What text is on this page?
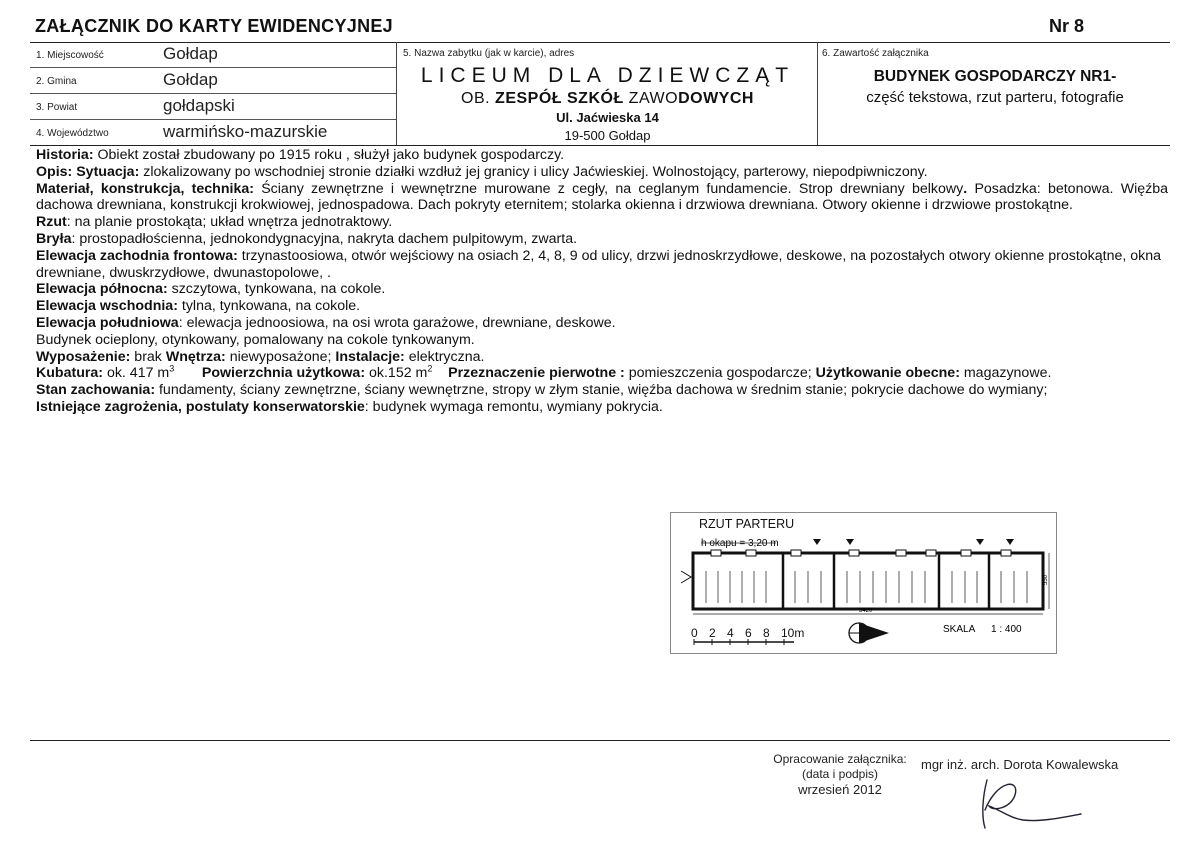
ZAŁĄCZNIK DO KARTY EWIDENCYJNEJ	Nr 8
1. Miejscowość	Gołdap
2. Gmina	Gołdap
3. Powiat	gołdapski
4. Województwo	warmińsko-mazurskie
5. Nazwa zabytku (jak w karcie), adres
LICEUM DLA DZIEWCZĄT
OB. ZESPÓŁ SZKÓŁ ZAWODOWYCH
Ul. Jaćwieska 14
19-500 Gołdap
6. Zawartość załącznika
BUDYNEK GOSPODARCZY NR1-
część tekstowa, rzut parteru, fotografie

Historia: Obiekt został zbudowany po 1915 roku , służył jako budynek gospodarczy.

Opis: Sytuacja: zlokalizowany po wschodniej stronie działki wzdłuż jej granicy i ulicy Jaćwieskiej. Wolnostojący, parterowy, niepodpiwniczony.

Materiał, konstrukcja, technika: Ściany zewnętrzne i wewnętrzne murowane z cegły, na ceglanym fundamencie. Strop drewniany belkowy. Posadzka: betonowa. Więźba dachowa drewniana, konstrukcji krokwiowej, jednospadowa. Dach pokryty eternitem; stolarka okienna i drzwiowa drewniana. Otwory okienne i drzwiowe prostokątne.

Rzut: na planie prostokąta; układ wnętrza jednotraktowy.

Bryła: prostopadłościenna, jednokondygnacyjna, nakryta dachem pulpitowym, zwarta.

Elewacja zachodnia frontowa: trzynastoosiowa, otwór wejściowy na osiach 2, 4, 8, 9 od ulicy, drzwi jednoskrzydłowe, deskowe, na pozostałych otwory okienne prostokątne, okna drewniane, dwuskrzydłowe, dwunastopolowe, .

Elewacja północna: szczytowa, tynkowana, na cokole.

Elewacja wschodnia: tylna, tynkowana, na cokole.

Elewacja południowa: elewacja jednoosiowa, na osi wrota garażowe, drewniane, deskowe.

Budynek ocieplony, otynkowany, pomalowany na cokole tynkowanym.

Wyposażenie: brak Wnętrza: niewyposażone; Instalacje: elektryczna.

Kubatura: ok. 417 $m^3$ Powierzchnia użytkowa: ok.152 $m^2$ Przeznaczenie pierwotne : pomieszczenia gospodarcze; Użytkowanie obecne: magazynowe.

Stan zachowania: fundamenty, ściany zewnętrzne, ściany wewnętrzne, stropy w złym stanie, więźba dachowa w średnim stanie; pokrycie dachowe do wymiany;

Istniejące zagrożenia, postulaty konserwatorskie: budynek wymaga remontu, wymiany pokrycia.

RZUT PARTERU
h okapu = 3,20 m
550
3420
0 2 4 6 8 10m	SKALA 1 : 400
Opracowanie załącznika:
(data i podpis)
wrzesień 2012
mgr inż. arch. Dorota Kowalewska
